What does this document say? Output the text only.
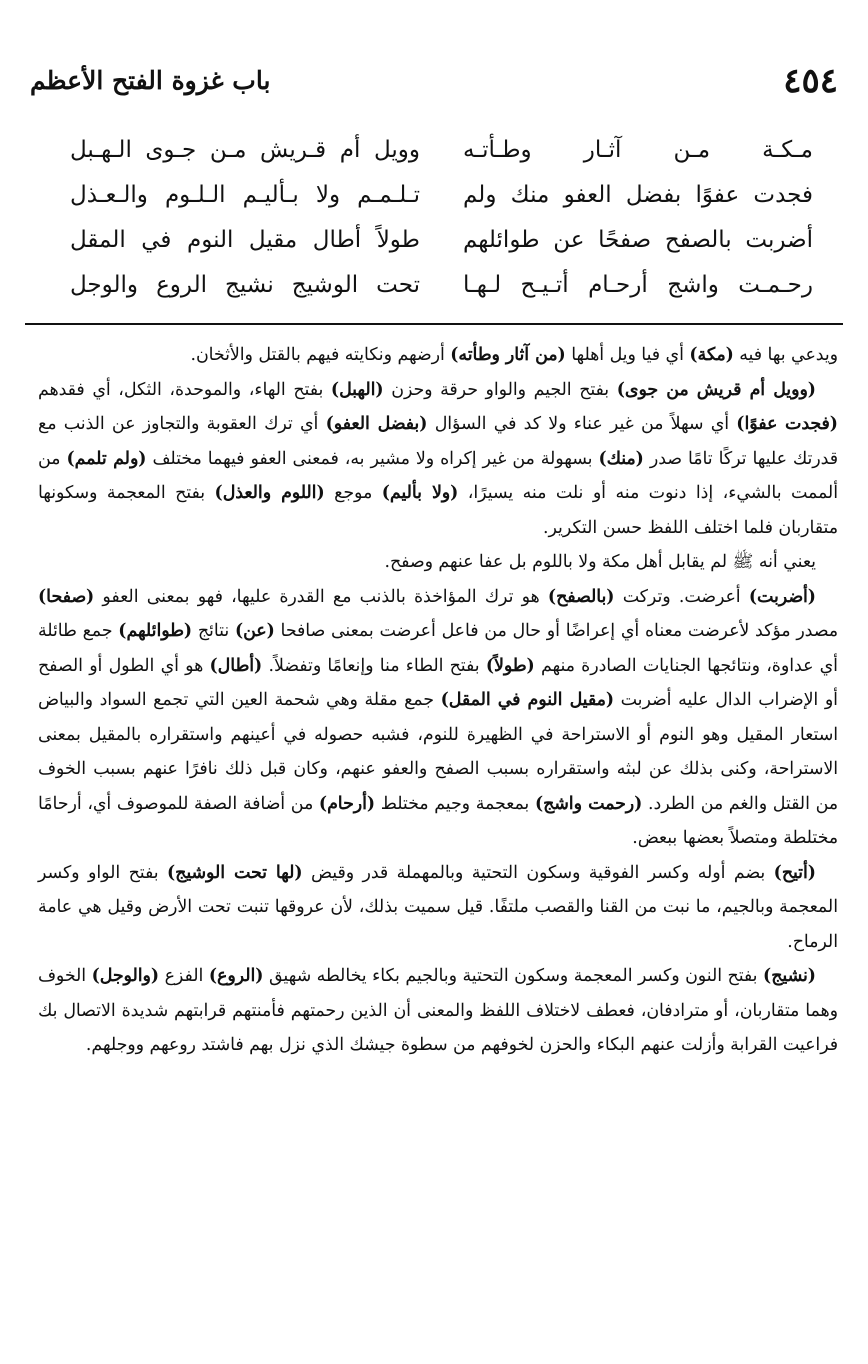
٤٥٤
باب غزوة الفتح الأعظم
مـكـة مـن آثـار وطـأتـه
وويل أم قـريش مـن جـوى الـهـبل
فجدت عفوًا بفضل العفو منك ولم
تـلـمـم ولا بـأليـم الـلـوم والـعـذل
أضربت بالصفح صفحًا عن طوائلهم
طولاً أطال مقيل النوم في المقل
رحـمـت واشج أرحـام أتـيـح لـهـا
تحت الوشيج نشيج الروع والوجل

ويدعي بها فيه (مكة) أي فيا ويل أهلها (من آثار وطأته) أرضهم ونكايته فيهم بالقتل والأثخان.

(وويل أم قريش من جوى) بفتح الجيم والواو حرقة وحزن (الهبل) بفتح الهاء، والموحدة، الثكل، أي فقدهم (فجدت عفوًا) أي سهلاً من غير عناء ولا كد في السؤال (بفضل العفو) أي ترك العقوبة والتجاوز عن الذنب مع قدرتك عليها تركًا تامًا صدر (منك) بسهولة من غير إكراه ولا مشير به، فمعنى العفو فيهما مختلف (ولم تلمم) من ألممت بالشيء، إذا دنوت منه أو نلت منه يسيرًا، (ولا بأليم) موجع (اللوم والعذل) بفتح المعجمة وسكونها متقاربان فلما اختلف اللفظ حسن التكرير.

يعني أنه ﷺ لم يقابل أهل مكة ولا باللوم بل عفا عنهم وصفح.

(أضربت) أعرضت. وتركت (بالصفح) هو ترك المؤاخذة بالذنب مع القدرة عليها، فهو بمعنى العفو (صفحا) مصدر مؤكد لأعرضت معناه أي إعراضًا أو حال من فاعل أعرضت بمعنى صافحا (عن) نتائج (طوائلهم) جمع طائلة أي عداوة، ونتائجها الجنايات الصادرة منهم (طولاً) بفتح الطاء منا وإنعامًا وتفضلاً. (أطال) هو أي الطول أو الصفح أو الإضراب الدال عليه أضربت (مقيل النوم في المقل) جمع مقلة وهي شحمة العين التي تجمع السواد والبياض استعار المقيل وهو النوم أو الاستراحة في الظهيرة للنوم، فشبه حصوله في أعينهم واستقراره بالمقيل بمعنى الاستراحة، وكنى بذلك عن لبثه واستقراره بسبب الصفح والعفو عنهم، وكان قبل ذلك نافرًا عنهم بسبب الخوف من القتل والغم من الطرد. (رحمت واشج) بمعجمة وجيم مختلط (أرحام) من أضافة الصفة للموصوف أي، أرحامًا مختلطة ومتصلاً بعضها ببعض.

(أتيح) بضم أوله وكسر الفوقية وسكون التحتية وبالمهملة قدر وقيض (لها تحت الوشيج) بفتح الواو وكسر المعجمة وبالجيم، ما نبت من القنا والقصب ملتفًا. قيل سميت بذلك، لأن عروقها تنبت تحت الأرض وقيل هي عامة الرماح.

(نشيج) بفتح النون وكسر المعجمة وسكون التحتية وبالجيم بكاء يخالطه شهيق (الروع) الفزع (والوجل) الخوف وهما متقاربان، أو مترادفان، فعطف لاختلاف اللفظ والمعنى أن الذين رحمتهم فأمنتهم قرابتهم شديدة الاتصال بك فراعيت القرابة وأزلت عنهم البكاء والحزن لخوفهم من سطوة جيشك الذي نزل بهم فاشتد روعهم ووجلهم.
